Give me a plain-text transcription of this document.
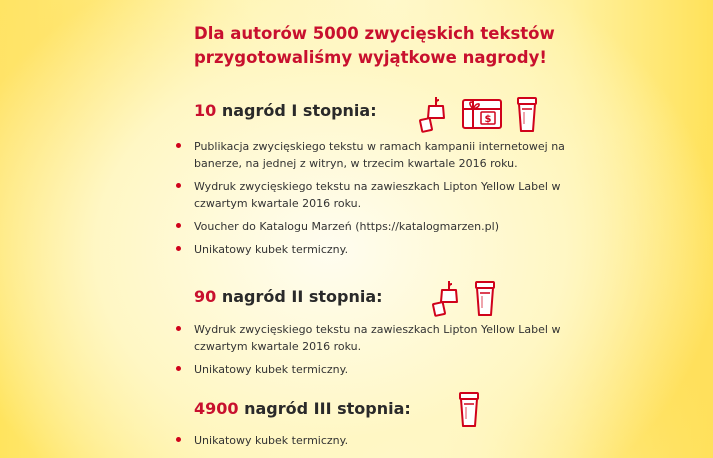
Dla autorów 5000 zwycięskich tekstów
przygotowaliśmy wyjątkowe nagrody!
10 nagród I stopnia:	$
Publikacja zwycięskiego tekstu w ramach kampanii internetowej na banerze, na jednej z witryn, w trzecim kwartale 2016 roku.
Wydruk zwycięskiego tekstu na zawieszkach Lipton Yellow Label w czwartym kwartale 2016 roku.
Voucher do Katalogu Marzeń (https://katalogmarzen.pl)
Unikatowy kubek termiczny.
90 nagród II stopnia:
Wydruk zwycięskiego tekstu na zawieszkach Lipton Yellow Label w czwartym kwartale 2016 roku.
Unikatowy kubek termiczny.
4900 nagród III stopnia:
Unikatowy kubek termiczny.
